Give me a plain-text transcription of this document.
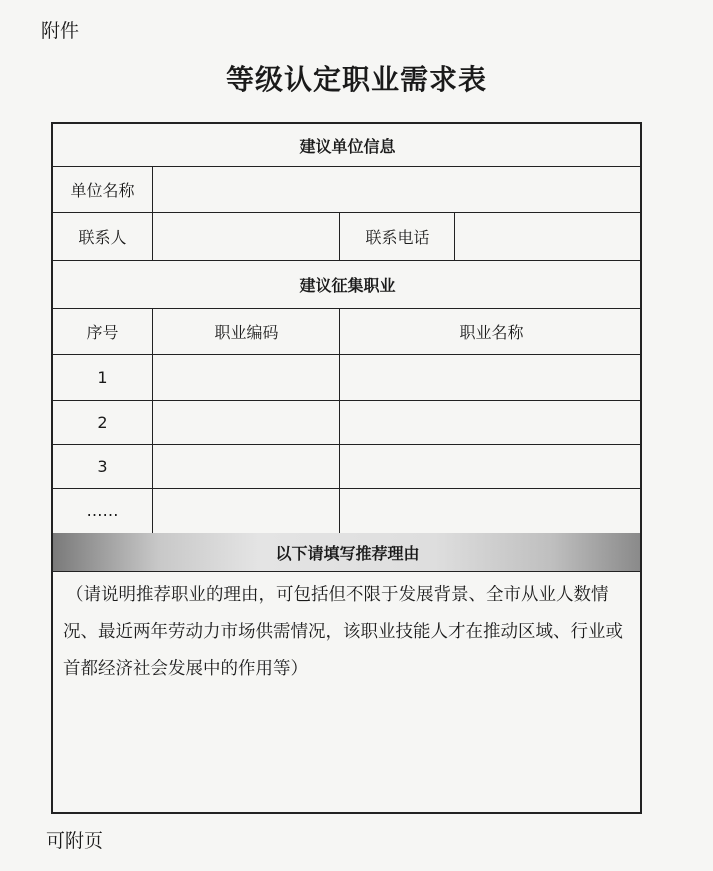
附件
等级认定职业需求表
建议单位信息
单位名称
联系人	联系电话
建议征集职业
序号	职业编码	职业名称
1
2
3
……
以下请填写推荐理由
（请说明推荐职业的理由，可包括但不限于发展背景、全市从业人数情况、最近两年劳动力市场供需情况，该职业技能人才在推动区域、行业或首都经济社会发展中的作用等）
可附页
